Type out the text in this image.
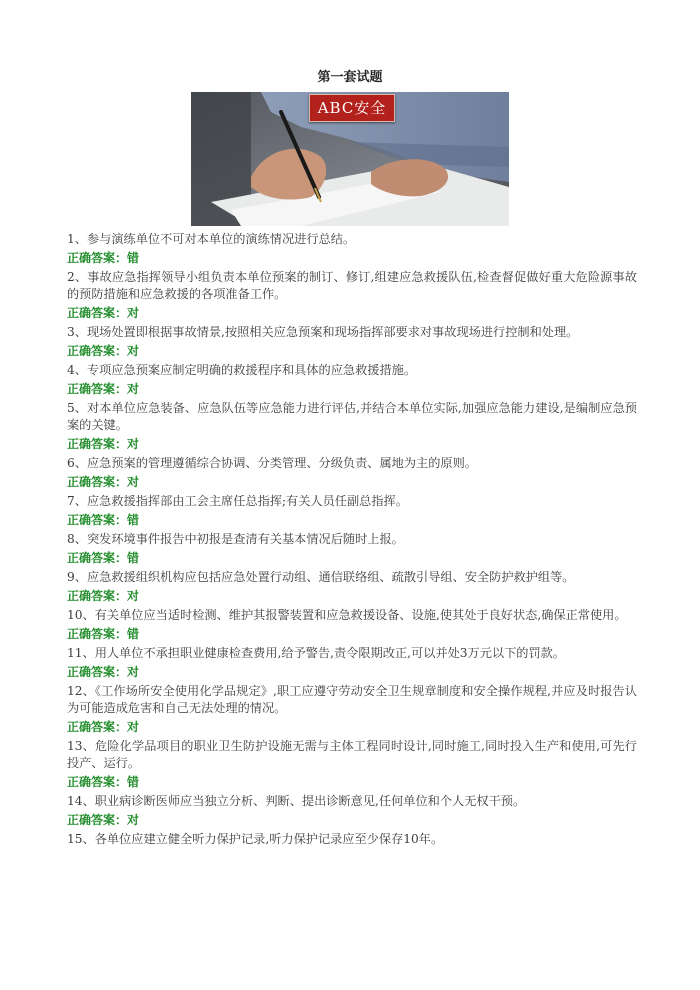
第一套试题
ABC安全
1、参与演练单位不可对本单位的演练情况进行总结。
正确答案：错
2、事故应急指挥领导小组负责本单位预案的制订、修订,组建应急救援队伍,检查督促做好重大危险源事故的预防措施和应急救援的各项准备工作。
正确答案：对
3、现场处置即根据事故情景,按照相关应急预案和现场指挥部要求对事故现场进行控制和处理。
正确答案：对
4、专项应急预案应制定明确的救援程序和具体的应急救援措施。
正确答案：对
5、对本单位应急装备、应急队伍等应急能力进行评估,并结合本单位实际,加强应急能力建设,是编制应急预案的关键。
正确答案：对
6、应急预案的管理遵循综合协调、分类管理、分级负责、属地为主的原则。
正确答案：对
7、应急救援指挥部由工会主席任总指挥;有关人员任副总指挥。
正确答案：错
8、突发环境事件报告中初报是查清有关基本情况后随时上报。
正确答案：错
9、应急救援组织机构应包括应急处置行动组、通信联络组、疏散引导组、安全防护救护组等。
正确答案：对
10、有关单位应当适时检测、维护其报警装置和应急救援设备、设施,使其处于良好状态,确保正常使用。
正确答案：错
11、用人单位不承担职业健康检查费用,给予警告,责令限期改正,可以并处3万元以下的罚款。
正确答案：对
12、《工作场所安全使用化学品规定》,职工应遵守劳动安全卫生规章制度和安全操作规程,并应及时报告认为可能造成危害和自己无法处理的情况。
正确答案：对
13、危险化学品项目的职业卫生防护设施无需与主体工程同时设计,同时施工,同时投入生产和使用,可先行投产、运行。
正确答案：错
14、职业病诊断医师应当独立分析、判断、提出诊断意见,任何单位和个人无权干预。
正确答案：对
15、各单位应建立健全听力保护记录,听力保护记录应至少保存10年。
